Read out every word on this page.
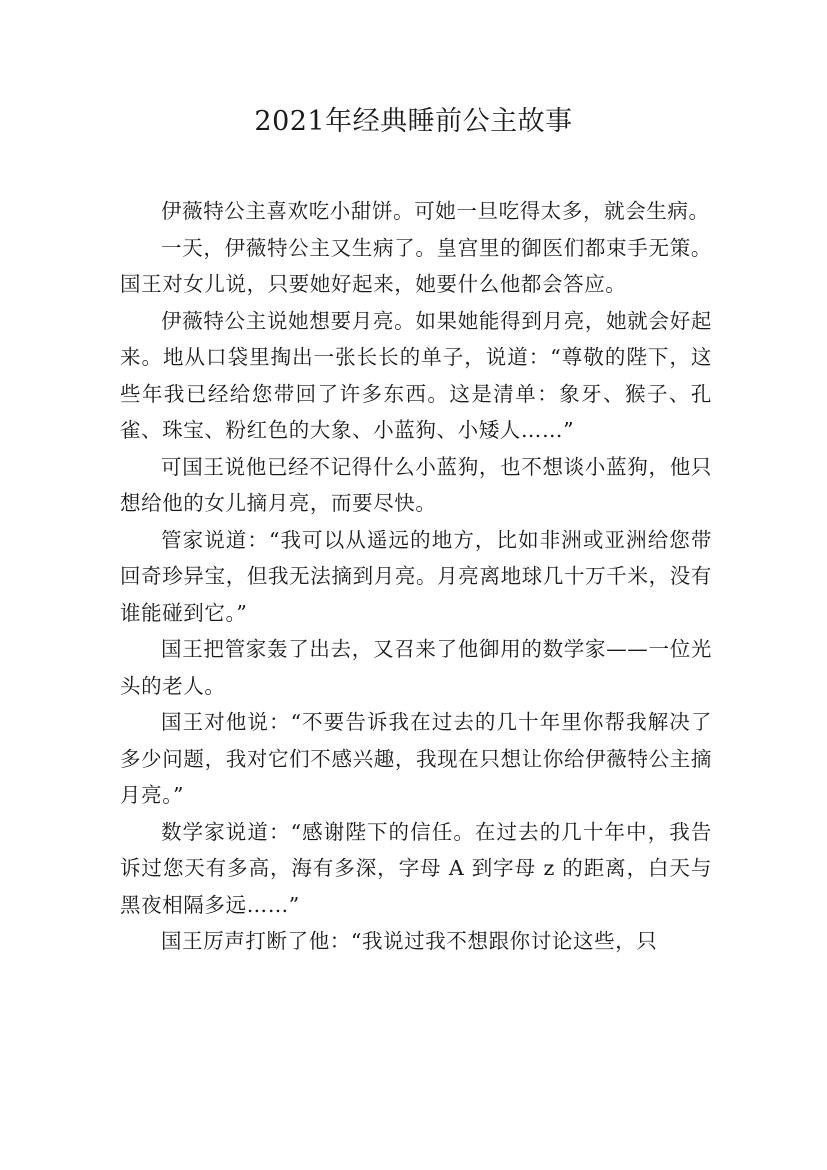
2021年经典睡前公主故事

伊薇特公主喜欢吃小甜饼。可她一旦吃得太多，就会生病。

一天，伊薇特公主又生病了。皇宫里的御医们都束手无策。国王对女儿说，只要她好起来，她要什么他都会答应。

伊薇特公主说她想要月亮。如果她能得到月亮，她就会好起来。地从口袋里掏出一张长长的单子，说道：“尊敬的陛下，这些年我已经给您带回了许多东西。这是清单：象牙、猴子、孔雀、珠宝、粉红色的大象、小蓝狗、小矮人……”

可国王说他已经不记得什么小蓝狗，也不想谈小蓝狗，他只想给他的女儿摘月亮，而要尽快。

管家说道：“我可以从遥远的地方，比如非洲或亚洲给您带回奇珍异宝，但我无法摘到月亮。月亮离地球几十万千米，没有谁能碰到它。”

国王把管家轰了出去，又召来了他御用的数学家——一位光头的老人。

国王对他说：“不要告诉我在过去的几十年里你帮我解决了多少问题，我对它们不感兴趣，我现在只想让你给伊薇特公主摘月亮。”

数学家说道：“感谢陛下的信任。在过去的几十年中，我告诉过您天有多高，海有多深，字母 A 到字母 z 的距离，白天与黑夜相隔多远……”

国王厉声打断了他：“我说过我不想跟你讨论这些，只
